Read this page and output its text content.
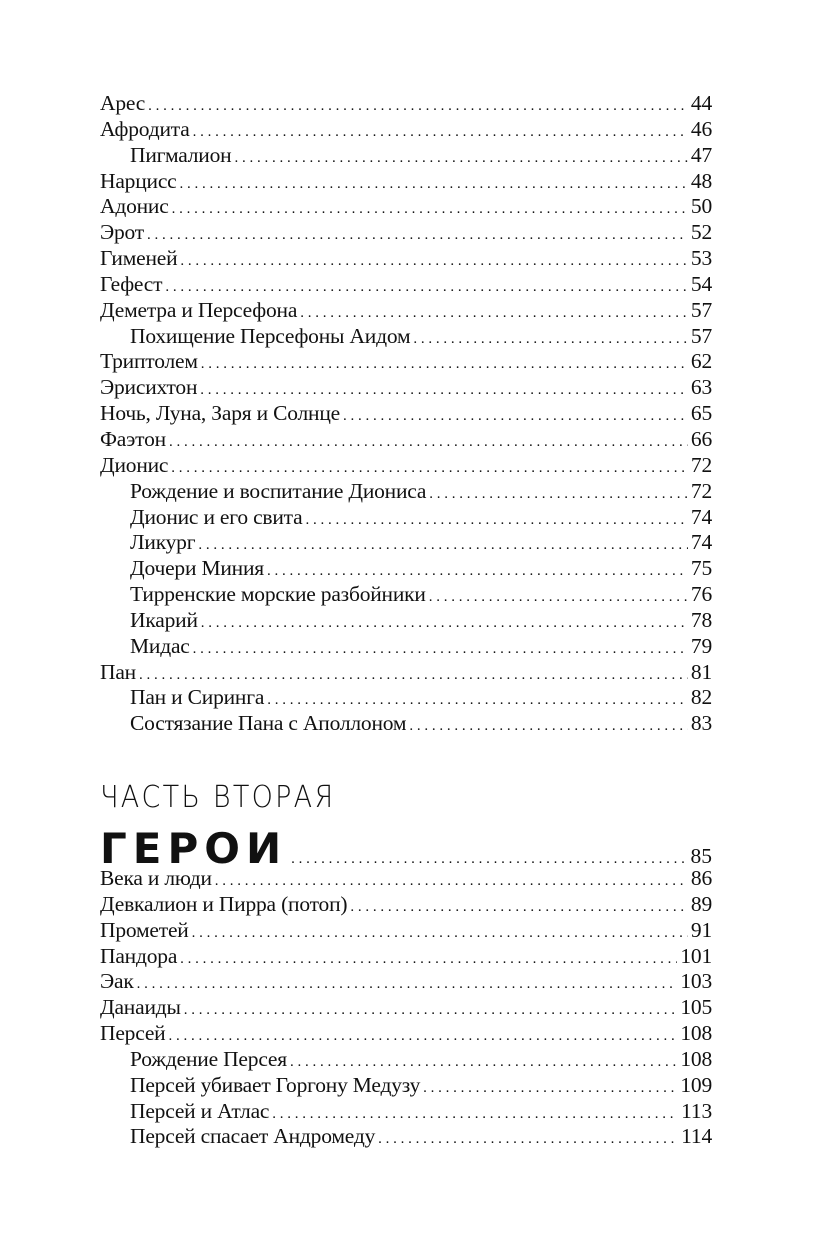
Арес . . .	44
Афродита . . .	46
Пигмалион . . .	47
Нарцисс . . .	48
Адонис . . .	50
Эрот . . .	52
Гименей . . .	53
Гефест . . .	54
Деметра и Персефона . . .	57
Похищение Персефоны Аидом . . .	57
Триптолем . . .	62
Эрисихтон . . .	63
Ночь, Луна, Заря и Солнце . . .	65
Фаэтон . . .	66
Дионис . . .	72
Рождение и воспитание Диониса . . .	72
Дионис и его свита . . .	74
Ликург . . .	74
Дочери Миния . . .	75
Тирренские морские разбойники . . .	76
Икарий . . .	78
Мидас . . .	79
Пан . . .	81
Пан и Сиринга . . .	82
Состязание Пана с Аполлоном . . .	83
ЧАСТЬ ВТОРАЯ
ГЕРОИ . . .	85
Века и люди . . .	86
Девкалион и Пирра (потоп) . . .	89
Прометей . . .	91
Пандора . . .	101
Эак . . .	103
Данаиды . . .	105
Персей . . .	108
Рождение Персея . . .	108
Персей убивает Горгону Медузу . . .	109
Персей и Атлас . . .	113
Персей спасает Андромеду . . .	114
